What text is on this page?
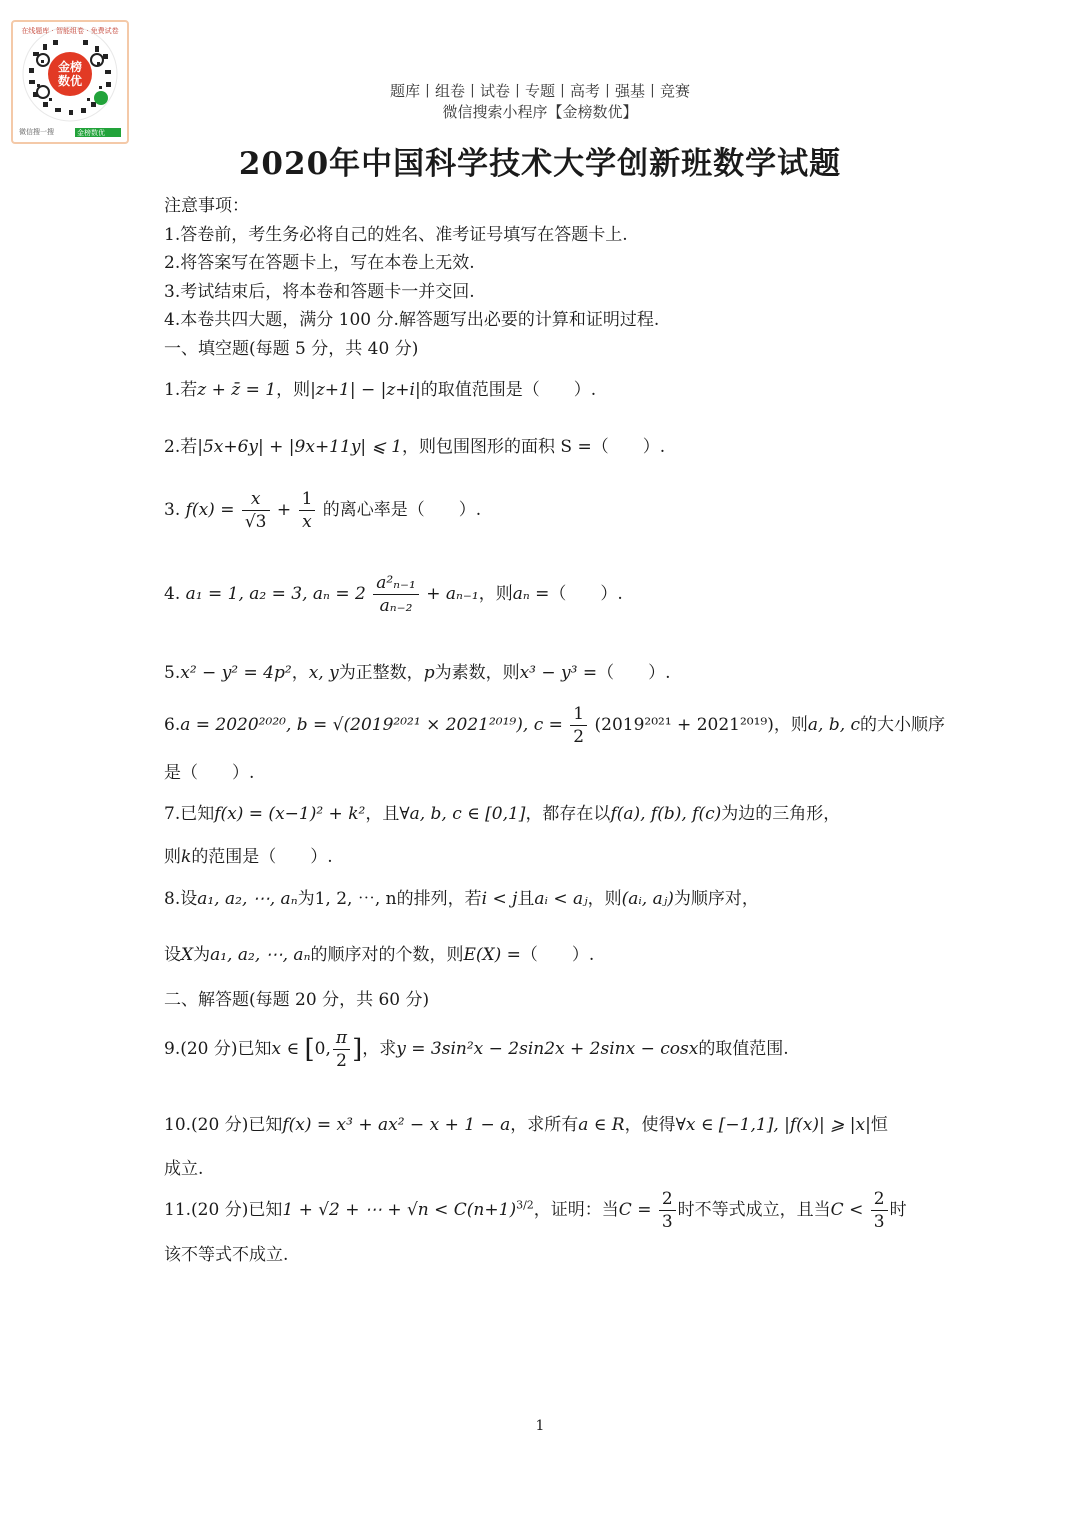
在线题库 · 智能组卷 · 免费试卷
金榜
数优
微信搜一搜	金榜数优
题库丨组卷丨试卷丨专题丨高考丨强基丨竞赛
微信搜索小程序【金榜数优】
2020年中国科学技术大学创新班数学试题
注意事项：
1.答卷前，考生务必将自己的姓名、准考证号填写在答题卡上.
2.将答案写在答题卡上，写在本卷上无效.
3.考试结束后，将本卷和答题卡一并交回.
4.本卷共四大题，满分 100 分.解答题写出必要的计算和证明过程.
一、填空题(每题 5 分，共 40 分)
1.若z + z̄ = 1，则|z+1| − |z+i|的取值范围是（　　）.
2.若|5x+6y| + |9x+11y| ⩽ 1，则包围图形的面积 S =（　　）.
3. $f(x) = \frac{x}{√3} + \frac{1}{x}$ 的离心率是（　　）.
4. a₁ = 1, a₂ = 3, $a_n = 2 \frac{\text{a²ₙ₋₁}}{\text{aₙ₋₂}} + a_{n-1}$，则aₙ =（　　）.
5.x² − y² = 4p²，x, y为正整数，p为素数，则x³ − y³ =（　　）.
6.a = 2020²⁰²⁰, b = √(2019²⁰²¹ × 2021²⁰¹⁹), $c = \frac{1}{2} (2019^{2021} + 2021^{2019})$，则a, b, c的大小顺序
是（　　）.
7.已知f(x) = (x−1)² + k²，且∀a, b, c ∈ [0,1]，都存在以f(a), f(b), f(c)为边的三角形，
则k的范围是（　　）.
8.设a₁, a₂, ⋯, aₙ为1, 2, ⋯, n的排列，若i < j且aᵢ < aⱼ，则(aᵢ, aⱼ)为顺序对，
设X为a₁, a₂, ⋯, aₙ的顺序对的个数，则E(X) =（　　）.
二、解答题(每题 20 分，共 60 分)
9.(20 分)已知x ∈ [0, $\frac{\pi}{2}$ ]，求y = 3sin²x − 2sin2x + 2sinx − cosx的取值范围.
10.(20 分)已知f(x) = x³ + ax² − x + 1 − a，求所有a ∈ R，使得∀x ∈ [−1,1], |f(x)| ⩾ |x|恒
成立.
11.(20 分)已知1 + √2 + ⋯ + $√n < C(n+1)^{3/2}$，证明：当$C = \frac{2}{3}$ 时不等式成立，且当$C < \frac{2}{3}$ 时
该不等式不成立.
1
